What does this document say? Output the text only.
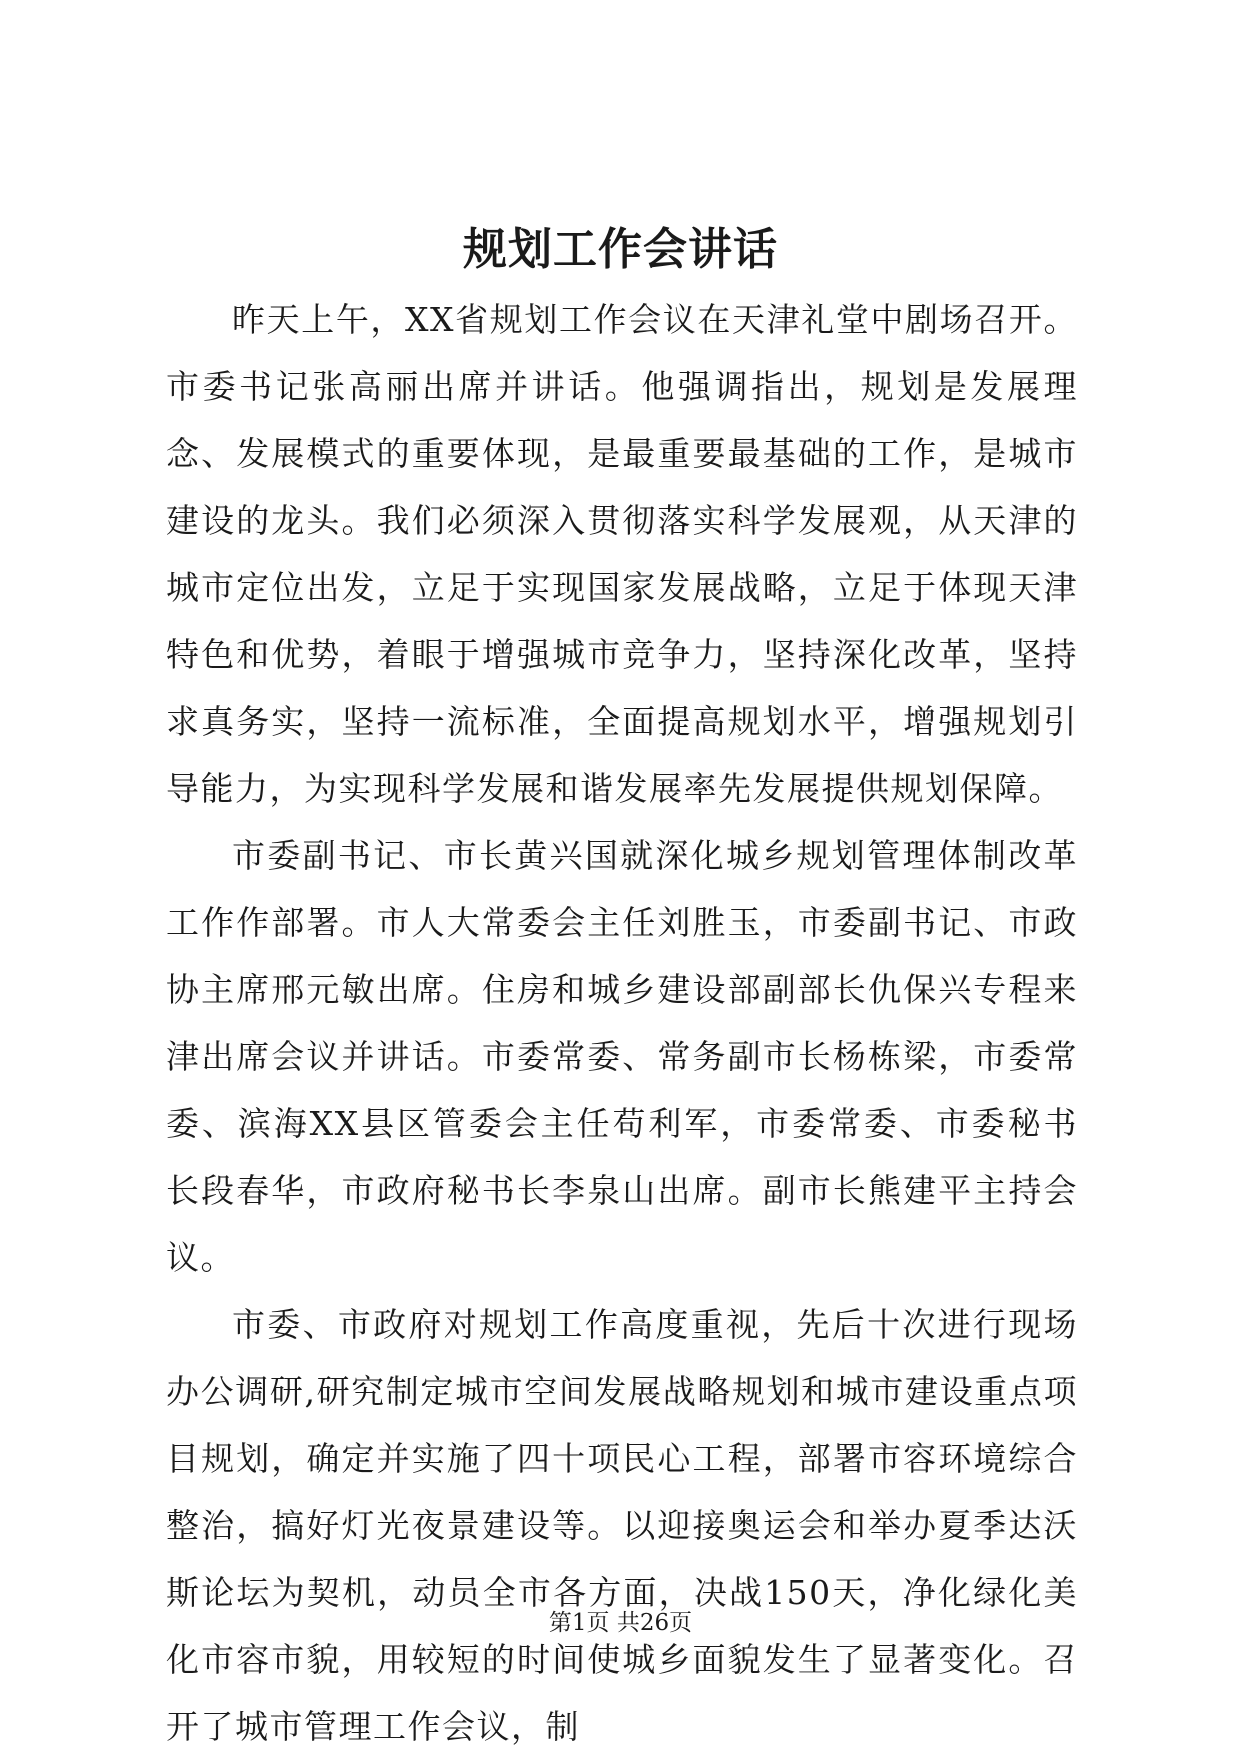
规划工作会讲话

昨天上午，XX省规划工作会议在天津礼堂中剧场召开。市委书记张高丽出席并讲话。他强调指出，规划是发展理念、发展模式的重要体现，是最重要最基础的工作，是城市建设的龙头。我们必须深入贯彻落实科学发展观，从天津的城市定位出发，立足于实现国家发展战略，立足于体现天津特色和优势，着眼于增强城市竞争力，坚持深化改革，坚持求真务实，坚持一流标准，全面提高规划水平，增强规划引导能力，为实现科学发展和谐发展率先发展提供规划保障。

市委副书记、市长黄兴国就深化城乡规划管理体制改革工作作部署。市人大常委会主任刘胜玉，市委副书记、市政协主席邢元敏出席。住房和城乡建设部副部长仇保兴专程来津出席会议并讲话。市委常委、常务副市长杨栋梁，市委常委、滨海XX县区管委会主任苟利军，市委常委、市委秘书长段春华，市政府秘书长李泉山出席。副市长熊建平主持会议。

市委、市政府对规划工作高度重视，先后十次进行现场办公调研,研究制定城市空间发展战略规划和城市建设重点项目规划，确定并实施了四十项民心工程，部署市容环境综合整治，搞好灯光夜景建设等。以迎接奥运会和举办夏季达沃斯论坛为契机，动员全市各方面，决战150天，净化绿化美化市容市貌，用较短的时间使城乡面貌发生了显著变化。召开了城市管理工作会议，制

第1页 共26页
